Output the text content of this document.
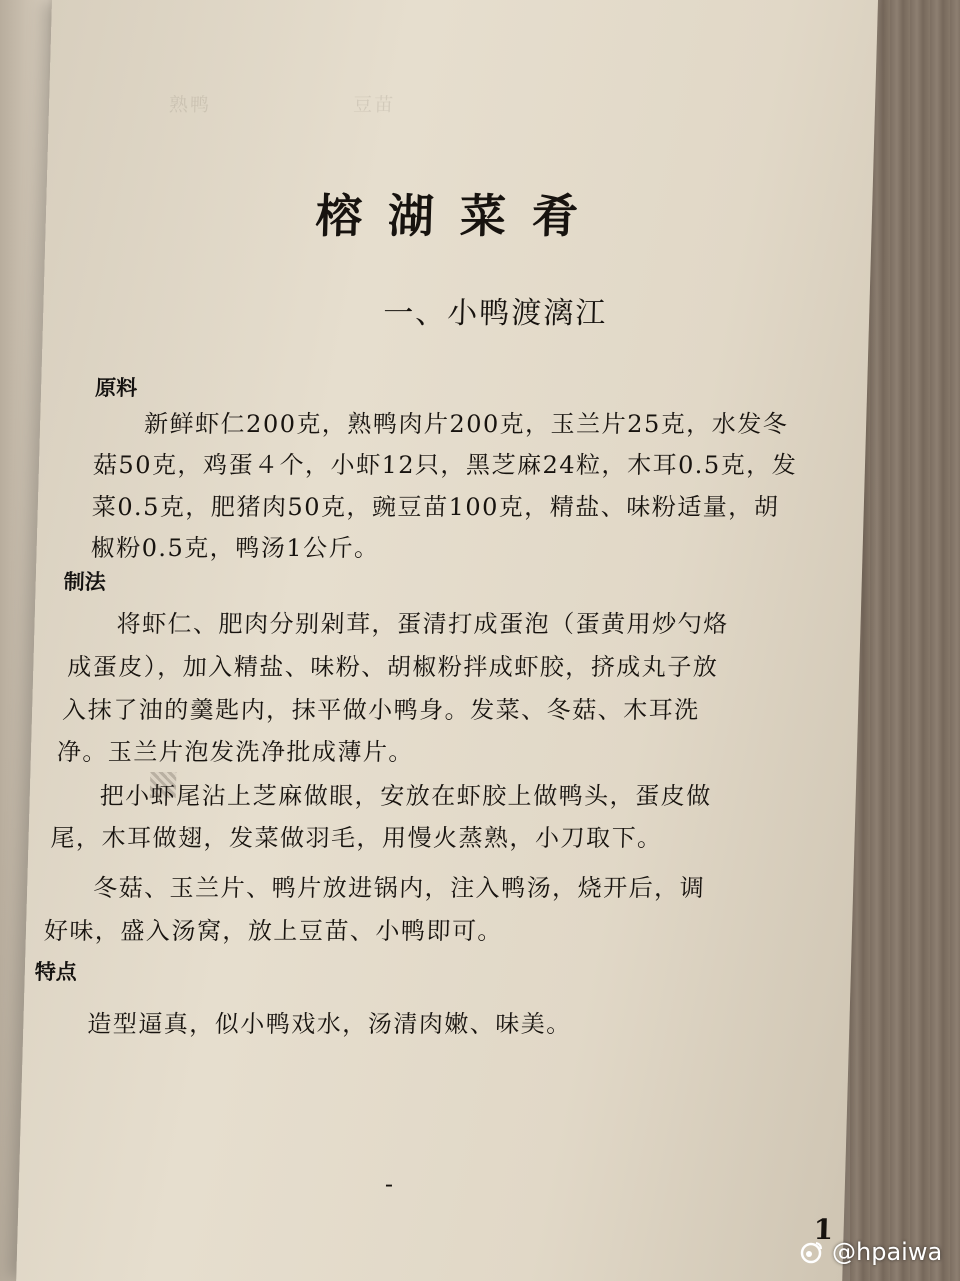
熟鸭 　　　　　　 豆苗 　　　　　　　　　　　

榕湖菜肴
一、小鸭渡漓江
原料
新鲜虾仁200克，熟鸭肉片200克，玉兰片25克，水发冬
菇50克，鸡蛋４个，小虾12只，黑芝麻24粒，木耳0.5克，发
菜0.5克，肥猪肉50克，豌豆苗100克，精盐、味粉适量，胡
椒粉0.5克，鸭汤1公斤。
制法
将虾仁、肥肉分别剁茸，蛋清打成蛋泡（蛋黄用炒勺烙
成蛋皮），加入精盐、味粉、胡椒粉拌成虾胶，挤成丸子放
入抹了油的羹匙内，抹平做小鸭身。发菜、冬菇、木耳洗
净。玉兰片泡发洗净批成薄片。
把小虾尾沾上芝麻做眼，安放在虾胶上做鸭头，蛋皮做
尾，木耳做翅，发菜做羽毛，用慢火蒸熟，小刀取下。
冬菇、玉兰片、鸭片放进锅内，注入鸭汤，烧开后，调
好味，盛入汤窝，放上豆苗、小鸭即可。
特点
造型逼真，似小鸭戏水，汤清肉嫩、味美。
-
1
@hpaiwa
